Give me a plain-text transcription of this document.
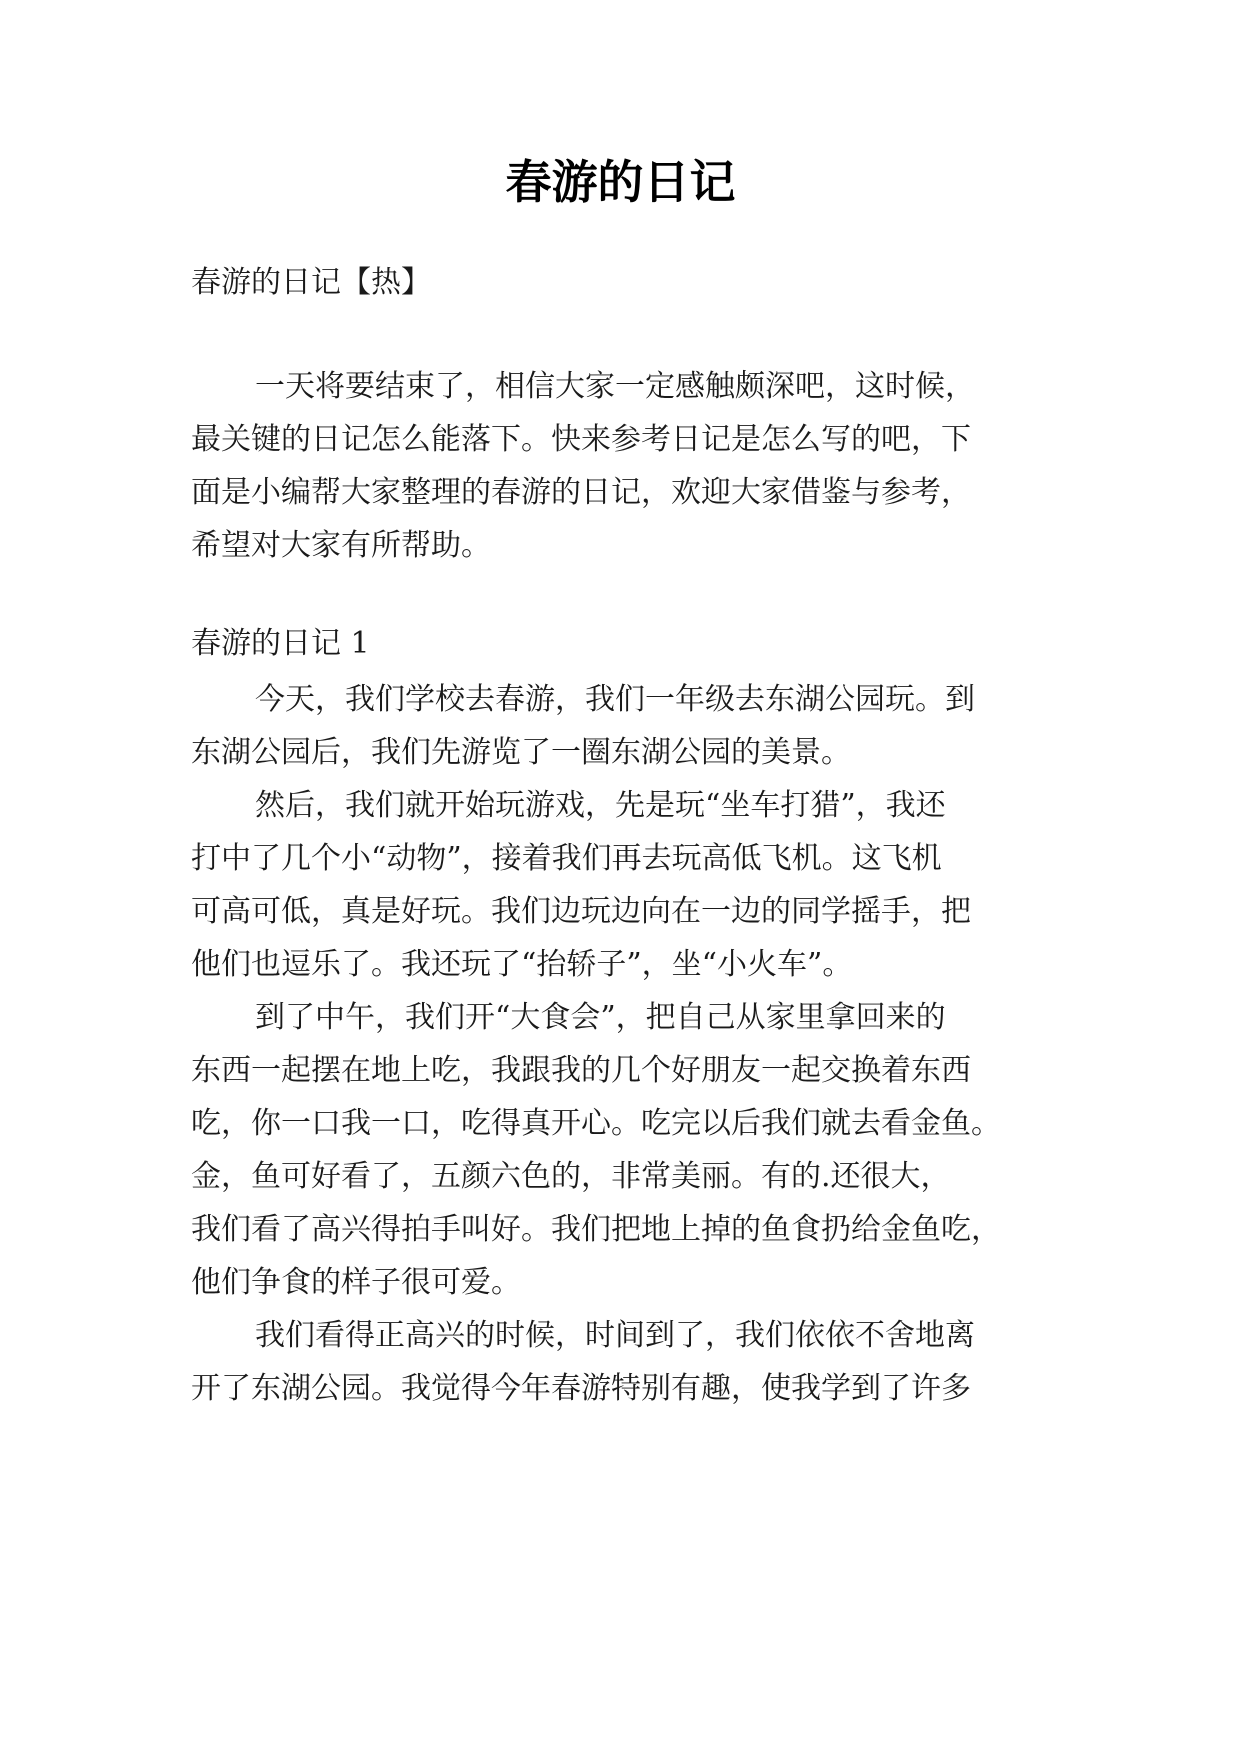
春游的日记

春游的日记【热】

一天将要结束了，相信大家一定感触颇深吧，这时候，

最关键的日记怎么能落下。快来参考日记是怎么写的吧，下

面是小编帮大家整理的春游的日记，欢迎大家借鉴与参考，

希望对大家有所帮助。

春游的日记 1

今天，我们学校去春游，我们一年级去东湖公园玩。到

东湖公园后，我们先游览了一圈东湖公园的美景。

然后，我们就开始玩游戏，先是玩“坐车打猎”，我还

打中了几个小“动物”，接着我们再去玩高低飞机。这飞机

可高可低，真是好玩。我们边玩边向在一边的同学摇手，把

他们也逗乐了。我还玩了“抬轿子”，坐“小火车”。

到了中午，我们开“大食会”，把自己从家里拿回来的

东西一起摆在地上吃，我跟我的几个好朋友一起交换着东西

吃，你一口我一口，吃得真开心。吃完以后我们就去看金鱼。

金，鱼可好看了，五颜六色的，非常美丽。有的.还很大，

我们看了高兴得拍手叫好。我们把地上掉的鱼食扔给金鱼吃，

他们争食的样子很可爱。

我们看得正高兴的时候，时间到了，我们依依不舍地离

开了东湖公园。我觉得今年春游特别有趣，使我学到了许多
